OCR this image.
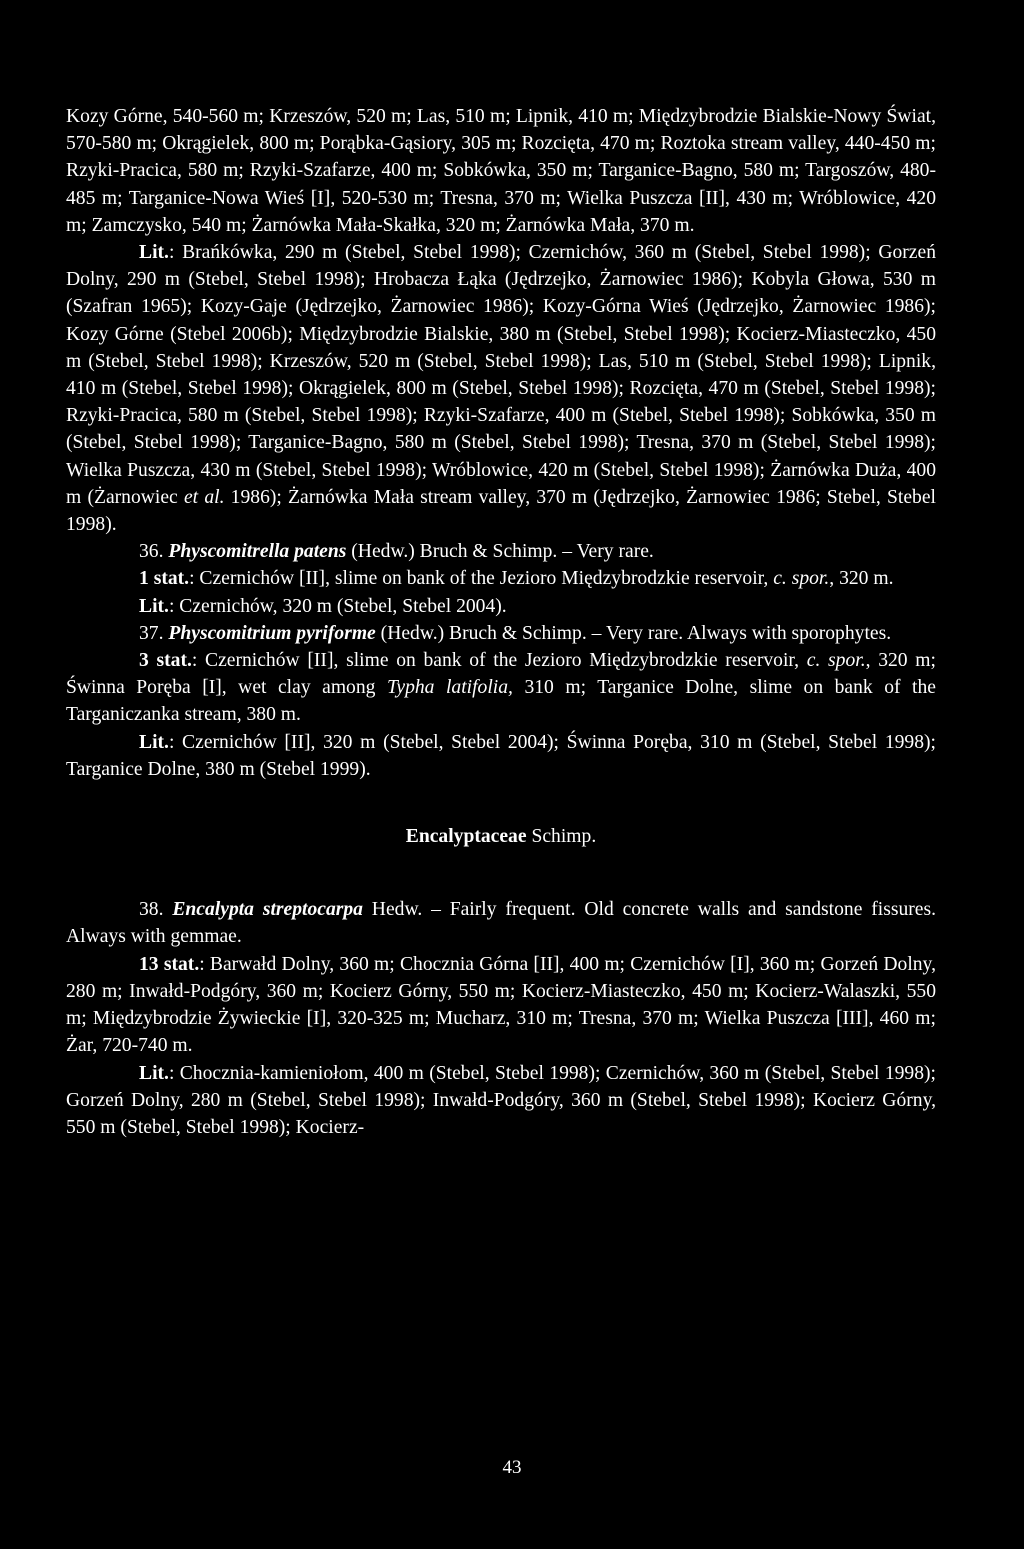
Kozy Górne, 540-560 m; Krzeszów, 520 m; Las, 510 m; Lipnik, 410 m; Międzybrodzie Bialskie-Nowy Świat, 570-580 m; Okrągielek, 800 m; Porąbka-Gąsiory, 305 m; Rozcięta, 470 m; Roztoka stream valley, 440-450 m; Rzyki-Pracica, 580 m; Rzyki-Szafarze, 400 m; Sobkówka, 350 m; Targanice-Bagno, 580 m; Targoszów, 480-485 m; Targanice-Nowa Wieś [I], 520-530 m; Tresna, 370 m; Wielka Puszcza [II], 430 m; Wróblowice, 420 m; Zamczysko, 540 m; Żarnówka Mała-Skałka, 320 m; Żarnówka Mała, 370 m.

Lit.: Brańkówka, 290 m (Stebel, Stebel 1998); Czernichów, 360 m (Stebel, Stebel 1998); Gorzeń Dolny, 290 m (Stebel, Stebel 1998); Hrobacza Łąka (Jędrzejko, Żarnowiec 1986); Kobyla Głowa, 530 m (Szafran 1965); Kozy-Gaje (Jędrzejko, Żarnowiec 1986); Kozy-Górna Wieś (Jędrzejko, Żarnowiec 1986); Kozy Górne (Stebel 2006b); Międzybrodzie Bialskie, 380 m (Stebel, Stebel 1998); Kocierz-Miasteczko, 450 m (Stebel, Stebel 1998); Krzeszów, 520 m (Stebel, Stebel 1998); Las, 510 m (Stebel, Stebel 1998); Lipnik, 410 m (Stebel, Stebel 1998); Okrągielek, 800 m (Stebel, Stebel 1998); Rozcięta, 470 m (Stebel, Stebel 1998); Rzyki-Pracica, 580 m (Stebel, Stebel 1998); Rzyki-Szafarze, 400 m (Stebel, Stebel 1998); Sobkówka, 350 m (Stebel, Stebel 1998); Targanice-Bagno, 580 m (Stebel, Stebel 1998); Tresna, 370 m (Stebel, Stebel 1998); Wielka Puszcza, 430 m (Stebel, Stebel 1998); Wróblowice, 420 m (Stebel, Stebel 1998); Żarnówka Duża, 400 m (Żarnowiec et al. 1986); Żarnówka Mała stream valley, 370 m (Jędrzejko, Żarnowiec 1986; Stebel, Stebel 1998).

36. Physcomitrella patens (Hedw.) Bruch & Schimp. – Very rare.

1 stat.: Czernichów [II], slime on bank of the Jezioro Międzybrodzkie reservoir, c. spor., 320 m.

Lit.: Czernichów, 320 m (Stebel, Stebel 2004).

37. Physcomitrium pyriforme (Hedw.) Bruch & Schimp. – Very rare. Always with sporophytes.

3 stat.: Czernichów [II], slime on bank of the Jezioro Międzybrodzkie reservoir, c. spor., 320 m; Świnna Poręba [I], wet clay among Typha latifolia, 310 m; Targanice Dolne, slime on bank of the Targaniczanka stream, 380 m.

Lit.: Czernichów [II], 320 m (Stebel, Stebel 2004); Świnna Poręba, 310 m (Stebel, Stebel 1998); Targanice Dolne, 380 m (Stebel 1999).

Encalyptaceae Schimp.

38. Encalypta streptocarpa Hedw. – Fairly frequent. Old concrete walls and sandstone fissures. Always with gemmae.

13 stat.: Barwałd Dolny, 360 m; Chocznia Górna [II], 400 m; Czernichów [I], 360 m; Gorzeń Dolny, 280 m; Inwałd-Podgóry, 360 m; Kocierz Górny, 550 m; Kocierz-Miasteczko, 450 m; Kocierz-Walaszki, 550 m; Międzybrodzie Żywieckie [I], 320-325 m; Mucharz, 310 m; Tresna, 370 m; Wielka Puszcza [III], 460 m; Żar, 720-740 m.

Lit.: Chocznia-kamieniołom, 400 m (Stebel, Stebel 1998); Czernichów, 360 m (Stebel, Stebel 1998); Gorzeń Dolny, 280 m (Stebel, Stebel 1998); Inwałd-Podgóry, 360 m (Stebel, Stebel 1998); Kocierz Górny, 550 m (Stebel, Stebel 1998); Kocierz-

43
